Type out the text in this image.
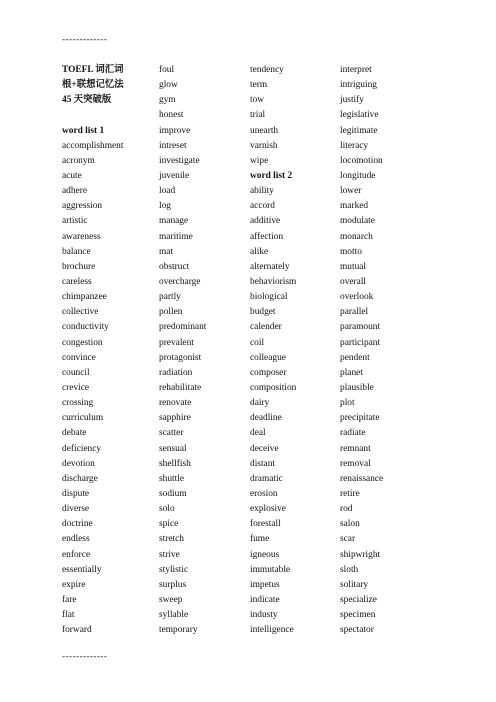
-------------
TOEFL 词汇词
根+联想记忆法
45 天突破版
word list 1
accomplishment
acronym
acute
adhere
aggression
artistic
awareness
balance
brochure
careless
chimpanzee
collective
conductivity
congestion
convince
council
crevice
crossing
curriculum
debate
deficiency
devotion
discharge
dispute
diverse
doctrine
endless
enforce
essentially
expire
fare
flat
forward
foul
glow
gym
honest
improve
intreset
investigate
juvenile
load
log
manage
maritime
mat
obstruct
overcharge
partly
pollen
predominant
prevalent
protagonist
radiation
rehabilitate
renovate
sapphire
scatter
sensual
shellfish
shuttle
sodium
solo
spice
stretch
strive
stylistic
surplus
sweep
syllable
temporary
tendency
term
tow
trial
unearth
varnish
wipe
word list 2
ability
accord
additive
affection
alike
alternately
behaviorism
biological
budget
calender
coil
colleague
composer
composition
dairy
deadline
deal
deceive
distant
dramatic
erosion
explosive
forestall
fume
igneous
immutable
impetus
indicate
industy
intelligence
interpret
intriguing
justify
legislative
legitimate
literacy
locomotion
longitude
lower
marked
modulate
monarch
motto
mutual
overall
overlook
parallel
paramount
participant
pendent
planet
plausible
plot
precipitate
radiate
remnant
removal
renaissance
retire
rod
salon
scar
shipwright
sloth
solitary
specialize
specimen
spectator
-------------
